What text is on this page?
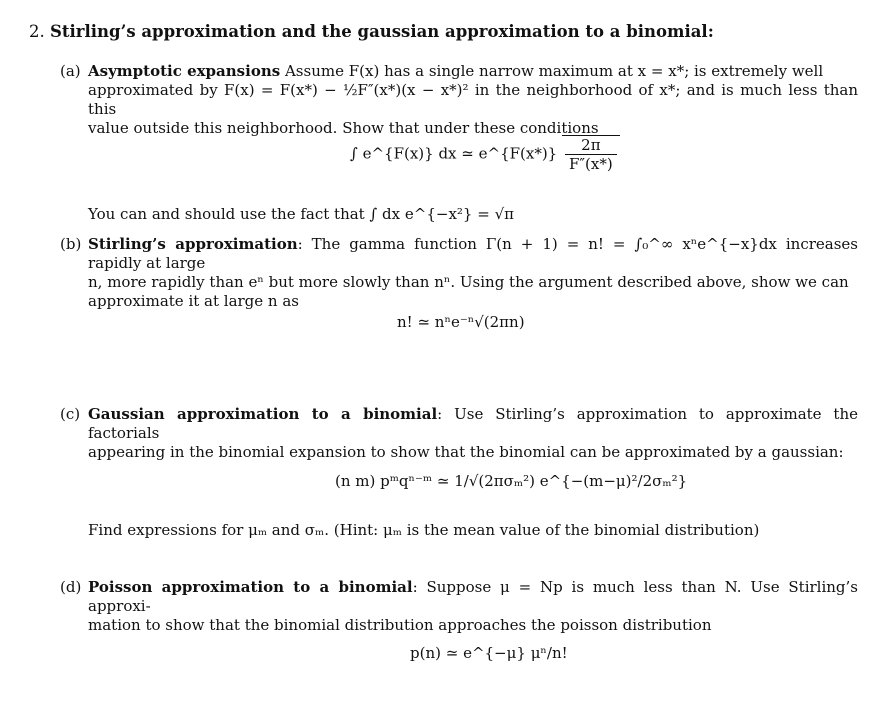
2. Stirling’s approximation and the gaussian approximation to a binomial:
(a) Asymptotic expansions Assume F(x) has a single narrow maximum at x = x*; is extremely well
approximated by F(x) = F(x*) − ½F″(x*)(x − x*)² in the neighborhood of x*; and is much less than this
value outside this neighborhood. Show that under these conditions
∫ e^{F(x)} dx ≃ e^{F(x*)} $\frac{2\pi}{F''(x*)}$
You can and should use the fact that ∫ dx e^{−x²} = √π
(b) Stirling’s approximation: The gamma function Γ(n + 1) = n! = ∫₀^∞ xⁿe^{−x}dx increases rapidly at large
n, more rapidly than eⁿ but more slowly than nⁿ. Using the argument described above, show we can
approximate it at large n as
n! ≃ nⁿe⁻ⁿ√(2πn)
(c) Gaussian approximation to a binomial: Use Stirling’s approximation to approximate the factorials
appearing in the binomial expansion to show that the binomial can be approximated by a gaussian:
(n m) pᵐqⁿ⁻ᵐ ≃ 1/√(2πσₘ²) e^{−(m−μ)²/2σₘ²}
Find expressions for μₘ and σₘ. (Hint: μₘ is the mean value of the binomial distribution)
(d) Poisson approximation to a binomial: Suppose μ = Np is much less than N. Use Stirling’s approxi-
mation to show that the binomial distribution approaches the poisson distribution
p(n) ≃ e^{−μ} μⁿ/n!
